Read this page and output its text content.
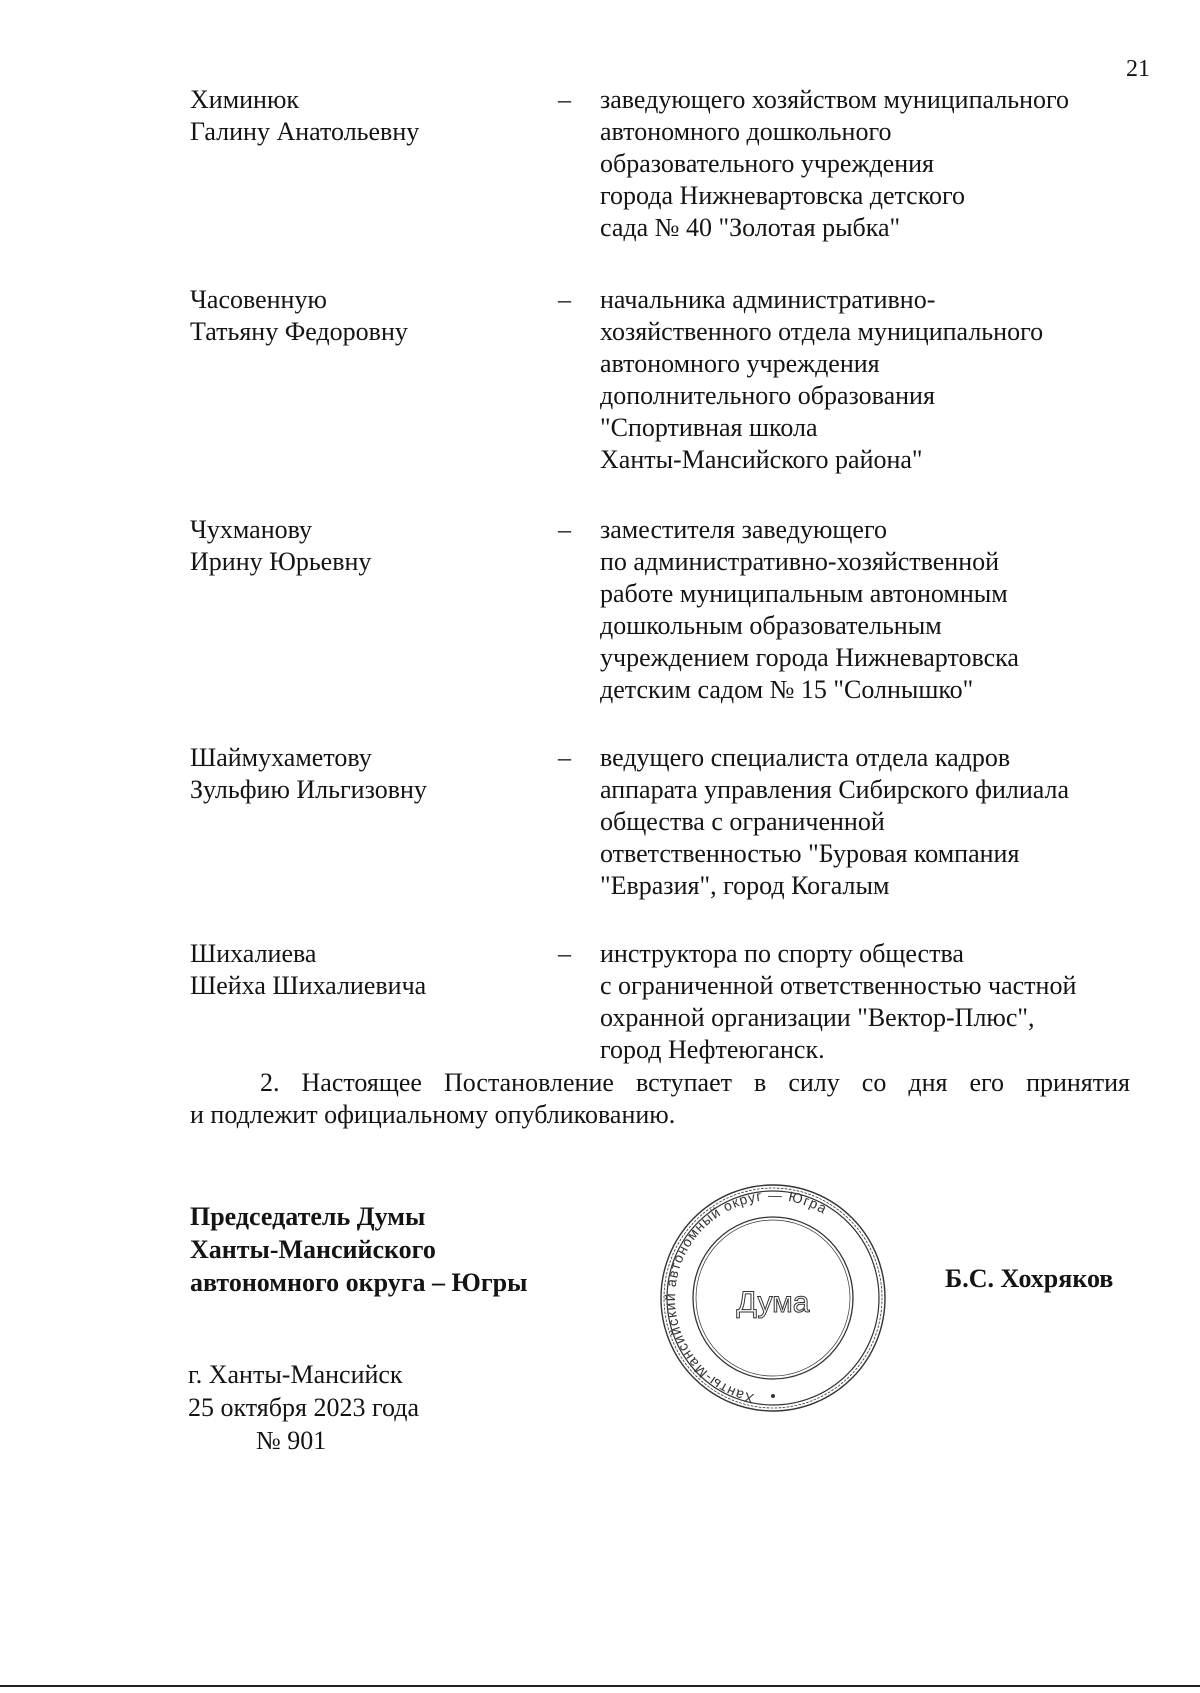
21
Химинюк
Галину Анатольевну
– заведующего хозяйством муниципального
автономного дошкольного
образовательного учреждения
города Нижневартовска детского
сада № 40 "Золотая рыбка"
Часовенную
Татьяну Федоровну
– начальника административно-
хозяйственного отдела муниципального
автономного учреждения
дополнительного образования
"Спортивная школа
Ханты-Мансийского района"
Чухманову
Ирину Юрьевну
– заместителя заведующего
по административно-хозяйственной
работе муниципальным автономным
дошкольным образовательным
учреждением города Нижневартовска
детским садом № 15 "Солнышко"
Шаймухаметову
Зульфию Ильгизовну
– ведущего специалиста отдела кадров
аппарата управления Сибирского филиала
общества с ограниченной
ответственностью "Буровая компания
"Евразия", город Когалым
Шихалиева
Шейха Шихалиевича
– инструктора по спорту общества
с ограниченной ответственностью частной
охранной организации "Вектор-Плюс",
город Нефтеюганск.
2. Настоящее Постановление вступает в силу со дня его принятия
и подлежит официальному опубликованию.
Председатель Думы
Ханты-Мансийского
автономного округа – Югры	Б.С. Хохряков
г. Ханты-Мансийск
25 октября 2023 года
№ 901
Ханты-Мансийский автономный округ — Югра
Дума
